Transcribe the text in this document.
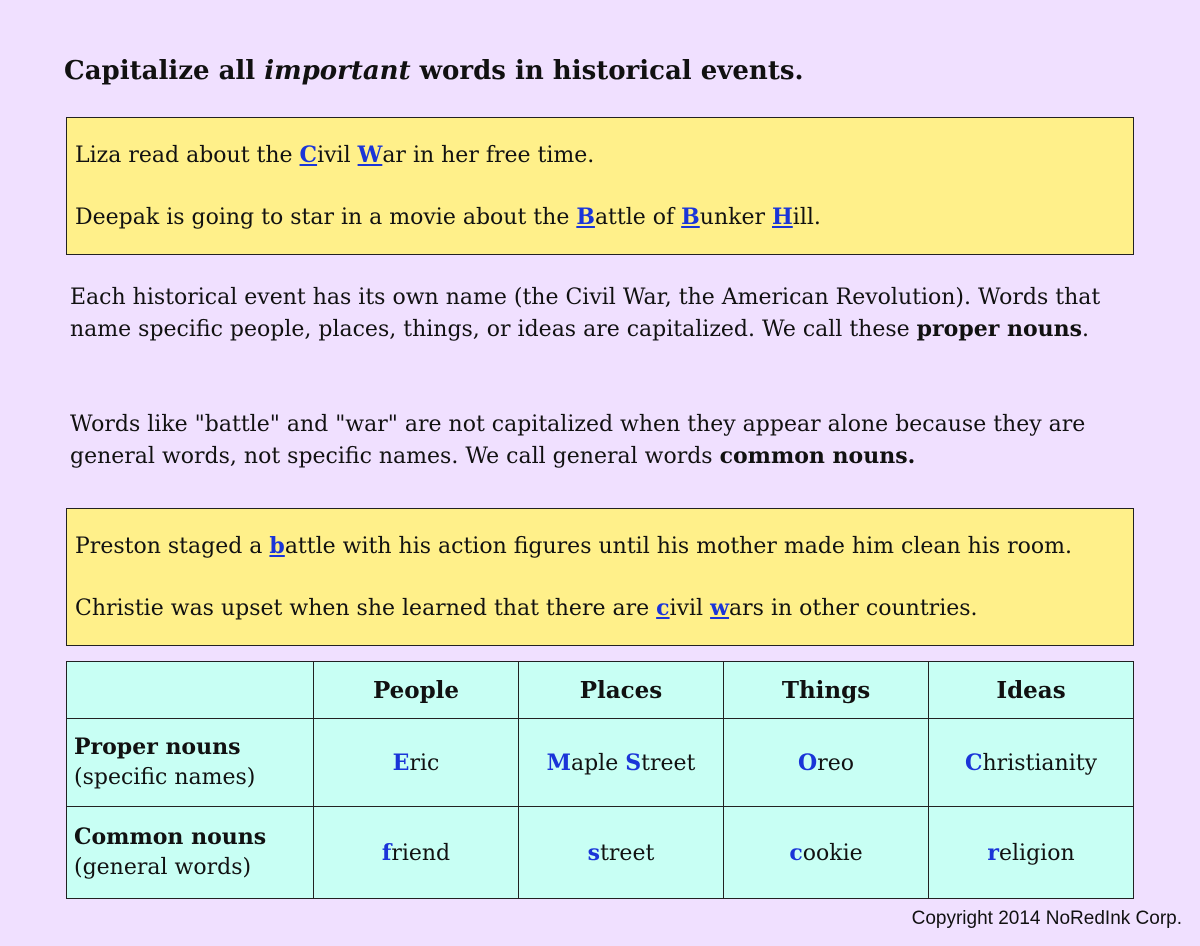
Capitalize all important words in historical events.

Liza read about the Civil War in her free time.

Deepak is going to star in a movie about the Battle of Bunker Hill.

Each historical event has its own name (the Civil War, the American Revolution). Words that name specific people, places, things, or ideas are capitalized. We call these proper nouns.

Words like "battle" and "war" are not capitalized when they appear alone because they are general words, not specific names. We call general words common nouns.

Preston staged a battle with his action figures until his mother made him clean his room.

Christie was upset when she learned that there are civil wars in other countries.

	People	Places	Things	Ideas
Proper nouns
(specific names)	Eric	Maple Street	Oreo	Christianity
Common nouns
(general words)	friend	street	cookie	religion
Copyright 2014 NoRedInk Corp.
